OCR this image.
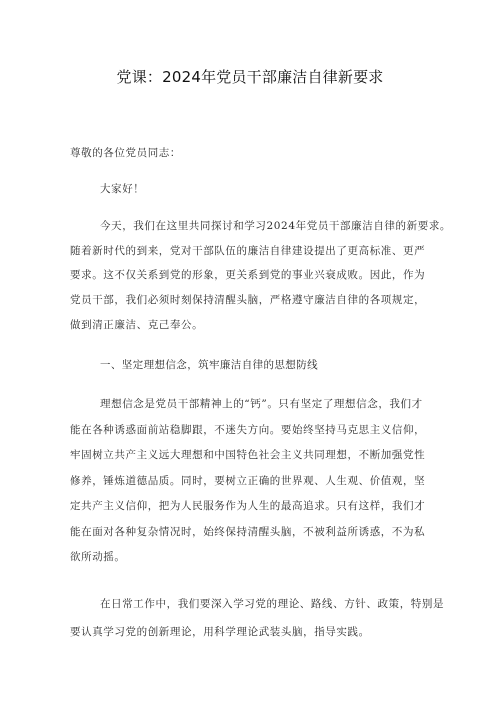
党课：2024年党员干部廉洁自律新要求
尊敬的各位党员同志：
大家好！
今天，我们在这里共同探讨和学习2024年党员干部廉洁自律的新要求。
随着新时代的到来，党对干部队伍的廉洁自律建设提出了更高标准、更严
要求。这不仅关系到党的形象，更关系到党的事业兴衰成败。因此，作为
党员干部，我们必须时刻保持清醒头脑，严格遵守廉洁自律的各项规定，
做到清正廉洁、克己奉公。
一、坚定理想信念，筑牢廉洁自律的思想防线
理想信念是党员干部精神上的“钙”。只有坚定了理想信念，我们才
能在各种诱惑面前站稳脚跟，不迷失方向。要始终坚持马克思主义信仰，
牢固树立共产主义远大理想和中国特色社会主义共同理想，不断加强党性
修养，锤炼道德品质。同时，要树立正确的世界观、人生观、价值观，坚
定共产主义信仰，把为人民服务作为人生的最高追求。只有这样，我们才
能在面对各种复杂情况时，始终保持清醒头脑，不被利益所诱惑，不为私
欲所动摇。
在日常工作中，我们要深入学习党的理论、路线、方针、政策，特别是
要认真学习党的创新理论，用科学理论武装头脑，指导实践。
